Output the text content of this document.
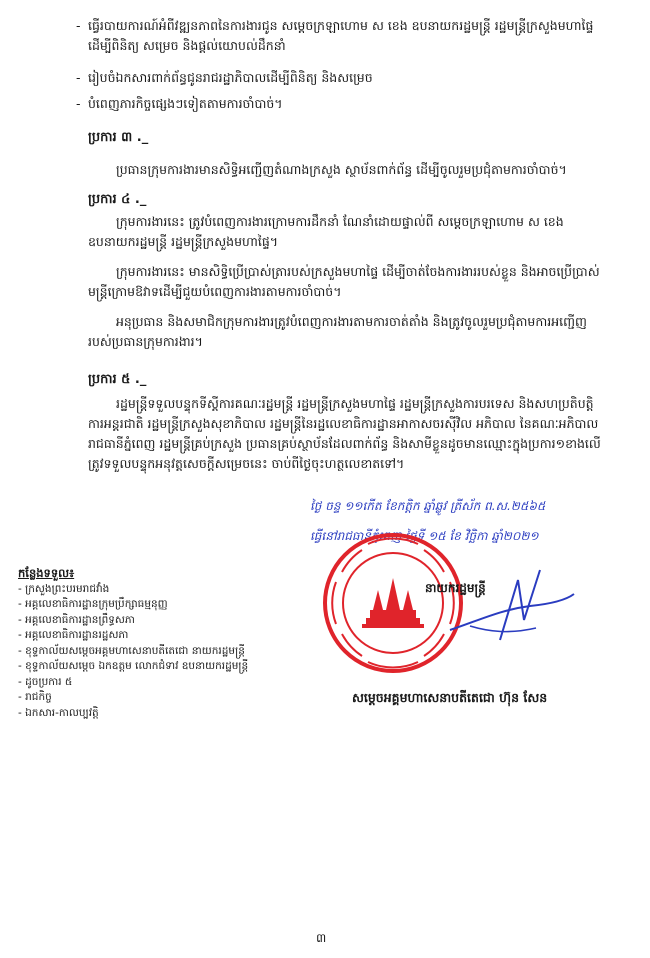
- ធ្វើរបាយការណ៍អំពីវឌ្ឍនភាពនៃការងារជូន សម្តេចក្រឡាហោម ស ខេង ឧបនាយករដ្ឋមន្ត្រី រដ្ឋមន្ត្រីក្រសួងមហាផ្ទៃ ដើម្បីពិនិត្យ សម្រេច និងផ្តល់យោបល់ដឹកនាំ
- រៀបចំឯកសារពាក់ព័ន្ធជូនរាជរដ្ឋាភិបាលដើម្បីពិនិត្យ និងសម្រេច
- បំពេញភារកិច្ចផ្សេងៗទៀតតាមការចាំបាច់។
ប្រការ ៣ ._
ប្រធានក្រុមការងារមានសិទ្ធិអញ្ជើញតំណាងក្រសួង ស្ថាប័នពាក់ព័ន្ធ ដើម្បីចូលរួមប្រជុំតាមការចាំបាច់។
ប្រការ ៤ ._
ក្រុមការងារនេះ ត្រូវបំពេញការងារក្រោមការដឹកនាំ ណែនាំដោយផ្ទាល់ពី សម្តេចក្រឡាហោម ស ខេង ឧបនាយករដ្ឋមន្ត្រី រដ្ឋមន្ត្រីក្រសួងមហាផ្ទៃ។
ក្រុមការងារនេះ មានសិទ្ធិប្រើប្រាស់ត្រារបស់ក្រសួងមហាផ្ទៃ ដើម្បីចាត់ចែងការងាររបស់ខ្លួន និងអាចប្រើប្រាស់មន្ត្រីក្រោមឱវាទដើម្បីជួយបំពេញការងារតាមការចាំបាច់។
អនុប្រធាន និងសមាជិកក្រុមការងារត្រូវបំពេញការងារតាមការចាត់តាំង និងត្រូវចូលរួមប្រជុំតាមការអញ្ជើញរបស់ប្រធានក្រុមការងារ។
ប្រការ ៥ ._
រដ្ឋមន្ត្រីទទួលបន្ទុកទីស្តីការគណៈរដ្ឋមន្ត្រី រដ្ឋមន្ត្រីក្រសួងមហាផ្ទៃ រដ្ឋមន្ត្រីក្រសួងការបរទេស និងសហប្រតិបត្តិការអន្តរជាតិ រដ្ឋមន្ត្រីក្រសួងសុខាភិបាល រដ្ឋមន្ត្រីនៃរដ្ឋលេខាធិការដ្ឋានអាកាសចរស៊ីវិល អភិបាល នៃគណៈអភិបាលរាជធានីភ្នំពេញ រដ្ឋមន្ត្រីគ្រប់ក្រសួង ប្រធានគ្រប់ស្ថាប័នដែលពាក់ព័ន្ធ និងសាមីខ្លួនដូចមានឈ្មោះក្នុងប្រការ១ខាងលើត្រូវទទួលបន្ទុកអនុវត្តសេចក្តីសម្រេចនេះ ចាប់ពីថ្ងៃចុះហត្ថលេខាតទៅ។
ថ្ងៃ ចន្ទ ១១កើត ខែកត្តិក ឆ្នាំឆ្លូវ ត្រីស័ក ព.ស.២៥៦៥
ធ្វើនៅរាជធានីភ្នំពេញ ថ្ងៃទី ១៥ ខែ វិច្ឆិកា ឆ្នាំ២០២១
នាយករដ្ឋមន្ត្រី
សម្តេចអគ្គមហាសេនាបតីតេជោ ហ៊ុន សែន
កន្លែងទទួល៖
- ក្រសួងព្រះបរមរាជវាំង
- អគ្គលេខាធិការដ្ឋានក្រុមប្រឹក្សាធម្មនុញ្ញ
- អគ្គលេខាធិការដ្ឋានព្រឹទ្ធសភា
- អគ្គលេខាធិការដ្ឋានរដ្ឋសភា
- ខុទ្ទកាល័យសម្តេចអគ្គមហាសេនាបតីតេជោ នាយករដ្ឋមន្ត្រី
- ខុទ្ទកាល័យសម្តេច ឯកឧត្តម លោកជំទាវ ឧបនាយករដ្ឋមន្ត្រី
- ដូចប្រការ ៥
- រាជកិច្ច
- ឯកសារ-កាលប្បវត្តិ
៣
